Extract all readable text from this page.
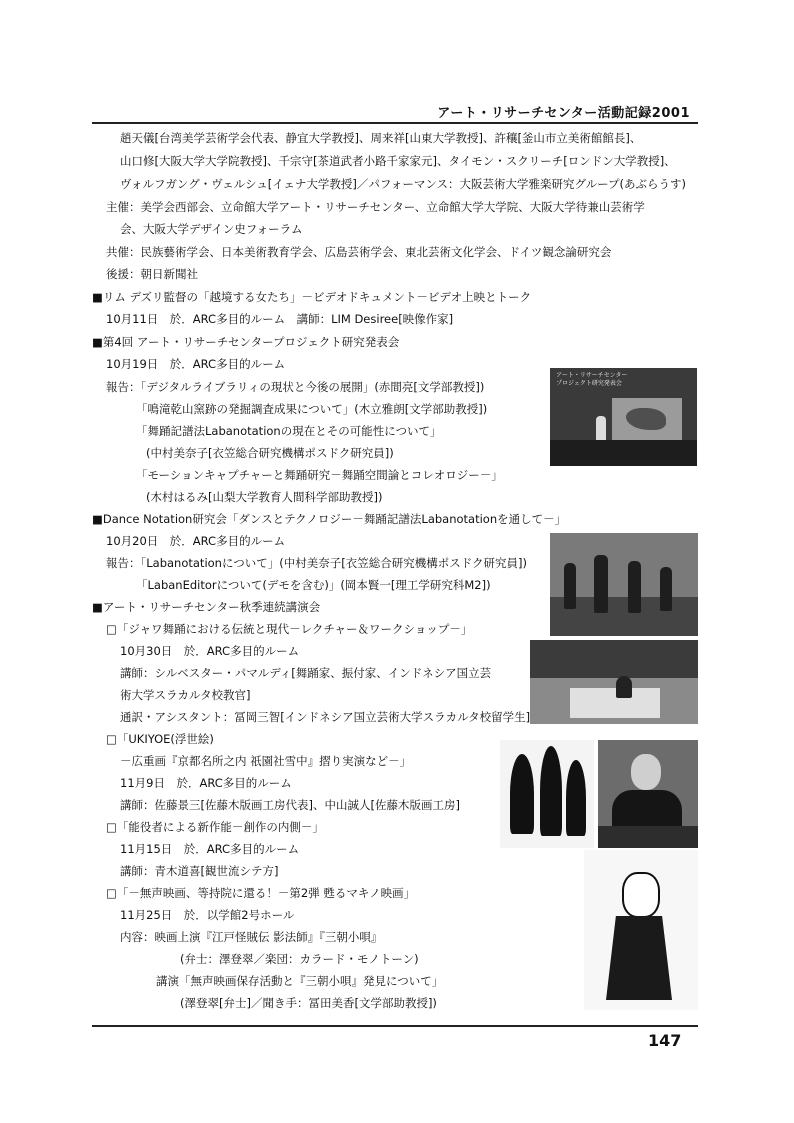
アート・リサーチセンター活動記録2001
趙天儀[台湾美学芸術学会代表、静宜大学教授]、周来祥[山東大学教授]、許穰[釜山市立美術館館長]、
山口修[大阪大学大学院教授]、千宗守[茶道武者小路千家家元]、タイモン・スクリーチ[ロンドン大学教授]、
ヴォルフガング・ヴェルシュ[イェナ大学教授]／パフォーマンス：大阪芸術大学雅楽研究グループ(あぶらうす)
主催：美学会西部会、立命館大学アート・リサーチセンター、立命館大学大学院、大阪大学待兼山芸術学
会、大阪大学デザイン史フォーラム
共催：民族藝術学会、日本美術教育学会、広島芸術学会、東北芸術文化学会、ドイツ観念論研究会
後援：朝日新聞社
■リム デズリ監督の「越境する女たち」－ビデオドキュメント－ビデオ上映とトーク
10月11日　於．ARC多目的ルーム　講師：LIM Desiree[映像作家]
■第4回 アート・リサーチセンタープロジェクト研究発表会
10月19日　於．ARC多目的ルーム
報告：「デジタルライブラリィの現状と今後の展開」(赤間亮[文学部教授])
「鳴滝乾山窯跡の発掘調査成果について」(木立雅朗[文学部助教授])
「舞踊記譜法Labanotationの現在とその可能性について」
(中村美奈子[衣笠総合研究機構ポスドク研究員])
「モーションキャプチャーと舞踊研究－舞踊空間論とコレオロジー－」
(木村はるみ[山梨大学教育人間科学部助教授])
■Dance Notation研究会「ダンスとテクノロジー－舞踊記譜法Labanotationを通して－」
10月20日　於．ARC多目的ルーム
報告：「Labanotationについて」(中村美奈子[衣笠総合研究機構ポスドク研究員])
「LabanEditorについて(デモを含む)」(岡本賢一[理工学研究科M2])
■アート・リサーチセンター秋季連続講演会
□「ジャワ舞踊における伝統と現代－レクチャー＆ワークショップ－」
10月30日　於．ARC多目的ルーム
講師：シルベスター・パマルディ[舞踊家、振付家、インドネシア国立芸
術大学スラカルタ校教官]
通訳・アシスタント：冨岡三智[インドネシア国立芸術大学スラカルタ校留学生]
□「UKIYOE(浮世絵)
－広重画『京都名所之内 祇園社雪中』摺り実演など－」
11月9日　於．ARC多目的ルーム
講師：佐藤景三[佐藤木版画工房代表]、中山誠人[佐藤木版画工房]
□「能役者による新作能－創作の内側－」
11月15日　於．ARC多目的ルーム
講師：青木道喜[観世流シテ方]
□「－無声映画、等持院に還る！－第2弾 甦るマキノ映画」
11月25日　於．以学館2号ホール
内容：映画上演『江戸怪賊伝 影法師』『三朝小唄』
(弁士：澤登翠／楽団：カラード・モノトーン)
講演「無声映画保存活動と『三朝小唄』発見について」
(澤登翠[弁士]／聞き手：冨田美香[文学部助教授])
アート・リサーチセンター
プロジェクト研究発表会

147
